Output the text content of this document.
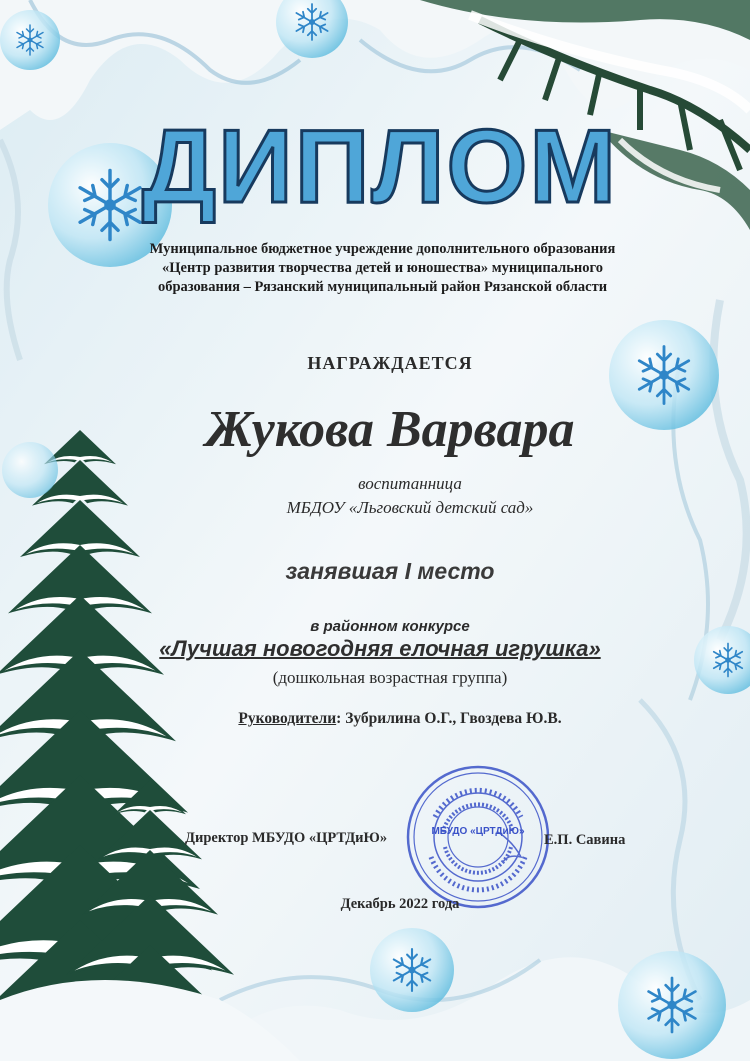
ДИПЛОМ
Муниципальное бюджетное учреждение дополнительного образования
«Центр развития творчества детей и юношества» муниципального
образования – Рязанский муниципальный район Рязанской области
НАГРАЖДАЕТСЯ
Жукова Варвара
воспитанница
МБДОУ «Льговский детский сад»
занявшая I место
в районном конкурсе
«Лучшая новогодняя елочная игрушка»
(дошкольная возрастная группа)
Руководители: Зубрилина О.Г., Гвоздева Ю.В.
МБУДО «ЦРТДиЮ»
Директор МБУДО «ЦРТДиЮ»	Е.П. Савина
Декабрь 2022 года
